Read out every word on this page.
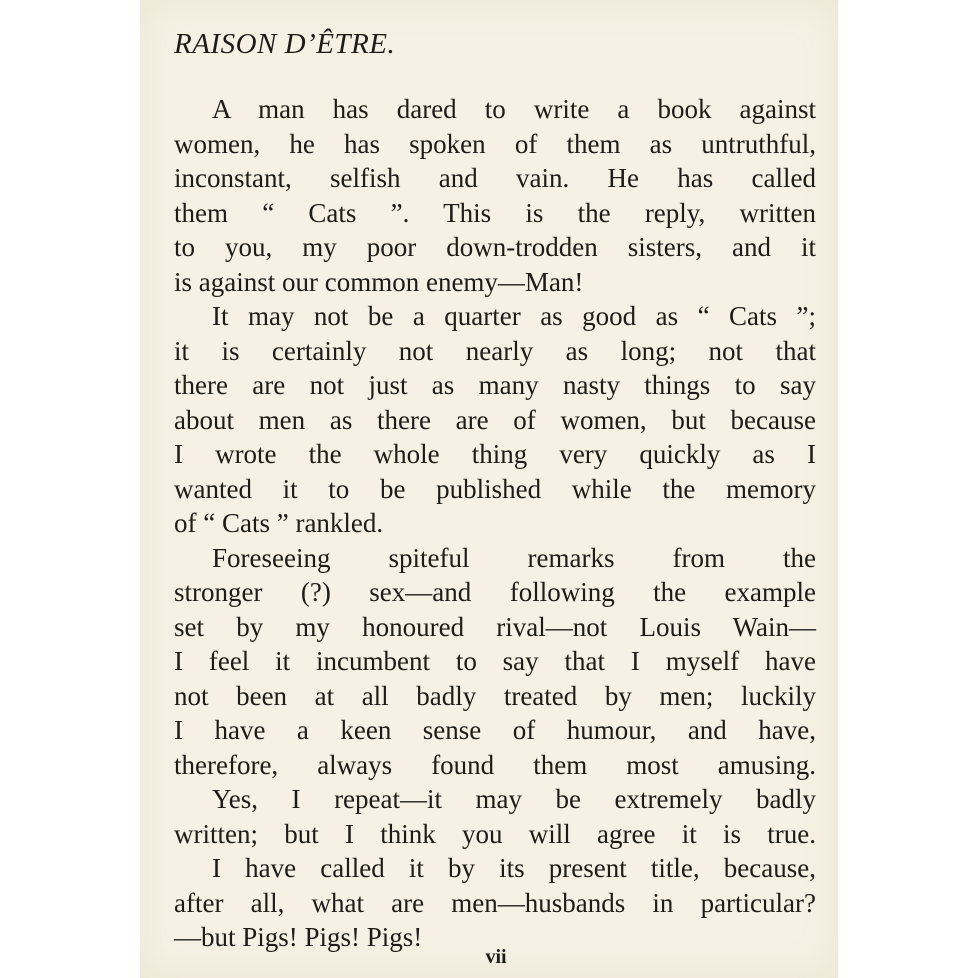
RAISON D’ÊTRE.
A man has dared to write a book against
women, he has spoken of them as untruthful,
inconstant, selfish and vain. He has called
them “ Cats ”. This is the reply, written
to you, my poor down-trodden sisters, and it
is against our common enemy—Man!
It may not be a quarter as good as “ Cats ”;
it is certainly not nearly as long; not that
there are not just as many nasty things to say
about men as there are of women, but because
I wrote the whole thing very quickly as I
wanted it to be published while the memory
of “ Cats ” rankled.
Foreseeing spiteful remarks from the
stronger (?) sex—and following the example
set by my honoured rival—not Louis Wain—
I feel it incumbent to say that I myself have
not been at all badly treated by men; luckily
I have a keen sense of humour, and have,
therefore, always found them most amusing.
Yes, I repeat—it may be extremely badly
written; but I think you will agree it is true.
I have called it by its present title, because,
after all, what are men—husbands in particular?
—but Pigs! Pigs! Pigs!
vii
